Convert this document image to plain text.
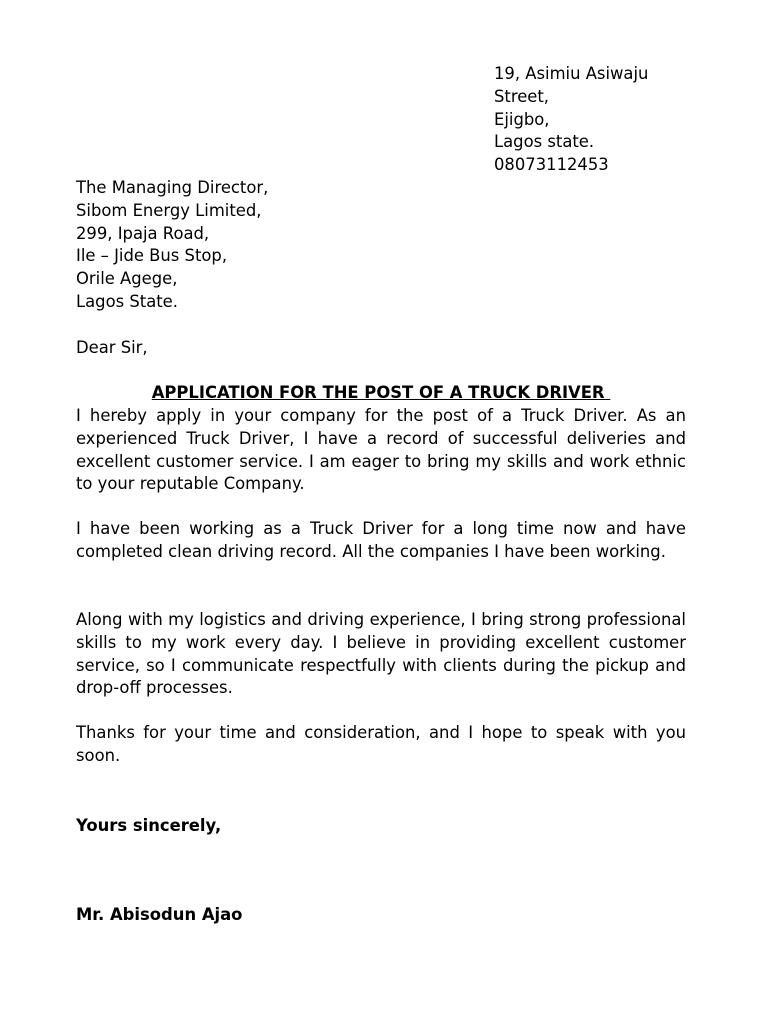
19, Asimiu Asiwaju
Street,
Ejigbo,
Lagos state.
08073112453
The Managing Director,
Sibom Energy Limited,
299, Ipaja Road,
Ile – Jide Bus Stop,
Orile Agege,
Lagos State.
Dear Sir,
APPLICATION FOR THE POST OF A TRUCK DRIVER
I hereby apply in your company for the post of a Truck Driver. As an experienced Truck Driver, I have a record of successful deliveries and excellent customer service. I am eager to bring my skills and work ethnic to your reputable Company.
I have been working as a Truck Driver for a long time now and have completed clean driving record. All the companies I have been working.
Along with my logistics and driving experience, I bring strong professional skills to my work every day. I believe in providing excellent customer service, so I communicate respectfully with clients during the pickup and drop-off processes.
Thanks for your time and consideration, and I hope to speak with you soon.
Yours sincerely,
Mr. Abisodun Ajao
